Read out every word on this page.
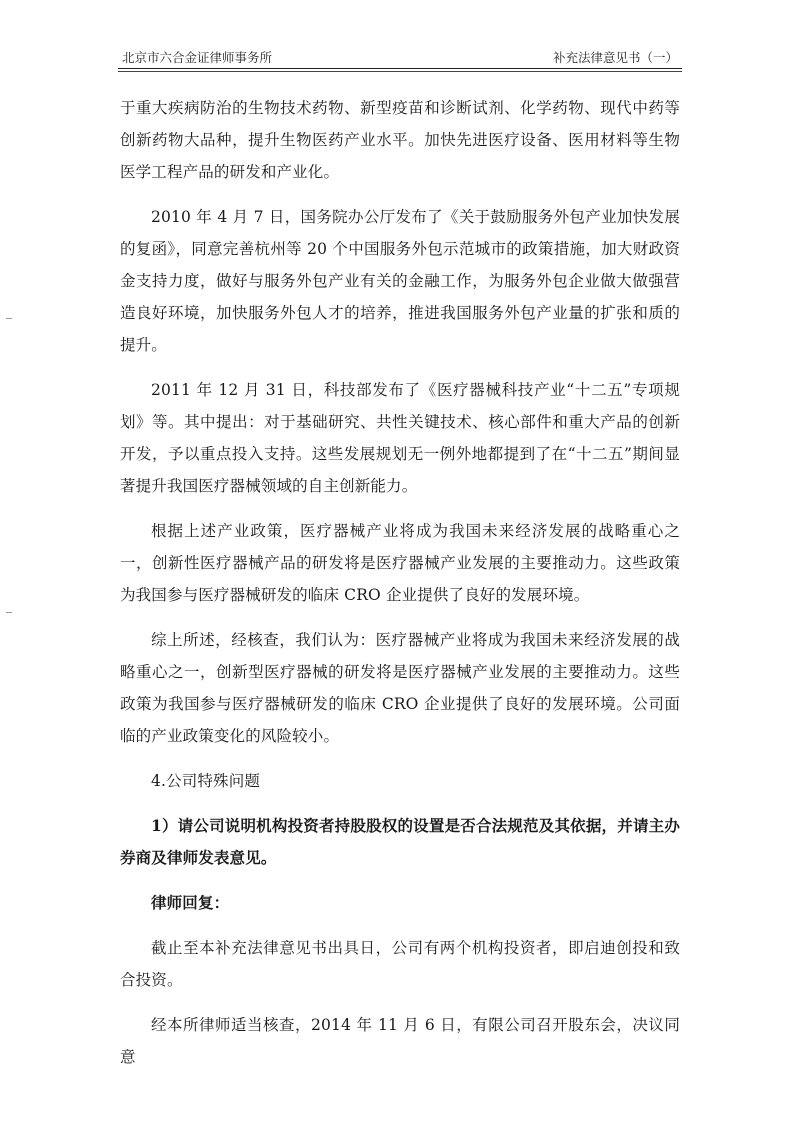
北京市六合金证律师事务所	补充法律意见书（一）

于重大疾病防治的生物技术药物、新型疫苗和诊断试剂、化学药物、现代中药等创新药物大品种，提升生物医药产业水平。加快先进医疗设备、医用材料等生物医学工程产品的研发和产业化。

2010 年 4 月 7 日，国务院办公厅发布了《关于鼓励服务外包产业加快发展的复函》，同意完善杭州等 20 个中国服务外包示范城市的政策措施，加大财政资金支持力度，做好与服务外包产业有关的金融工作，为服务外包企业做大做强营造良好环境，加快服务外包人才的培养，推进我国服务外包产业量的扩张和质的提升。

2011 年 12 月 31 日，科技部发布了《医疗器械科技产业“十二五”专项规划》等。其中提出：对于基础研究、共性关键技术、核心部件和重大产品的创新开发，予以重点投入支持。这些发展规划无一例外地都提到了在“十二五”期间显著提升我国医疗器械领域的自主创新能力。

根据上述产业政策，医疗器械产业将成为我国未来经济发展的战略重心之一，创新性医疗器械产品的研发将是医疗器械产业发展的主要推动力。这些政策为我国参与医疗器械研发的临床 CRO 企业提供了良好的发展环境。

综上所述，经核查，我们认为：医疗器械产业将成为我国未来经济发展的战略重心之一，创新型医疗器械的研发将是医疗器械产业发展的主要推动力。这些政策为我国参与医疗器械研发的临床 CRO 企业提供了良好的发展环境。公司面临的产业政策变化的风险较小。

4.公司特殊问题

1）请公司说明机构投资者持股股权的设置是否合法规范及其依据，并请主办券商及律师发表意见。

律师回复：

截止至本补充法律意见书出具日，公司有两个机构投资者，即启迪创投和致合投资。

经本所律师适当核查，2014 年 11 月 6 日，有限公司召开股东会，决议同意
